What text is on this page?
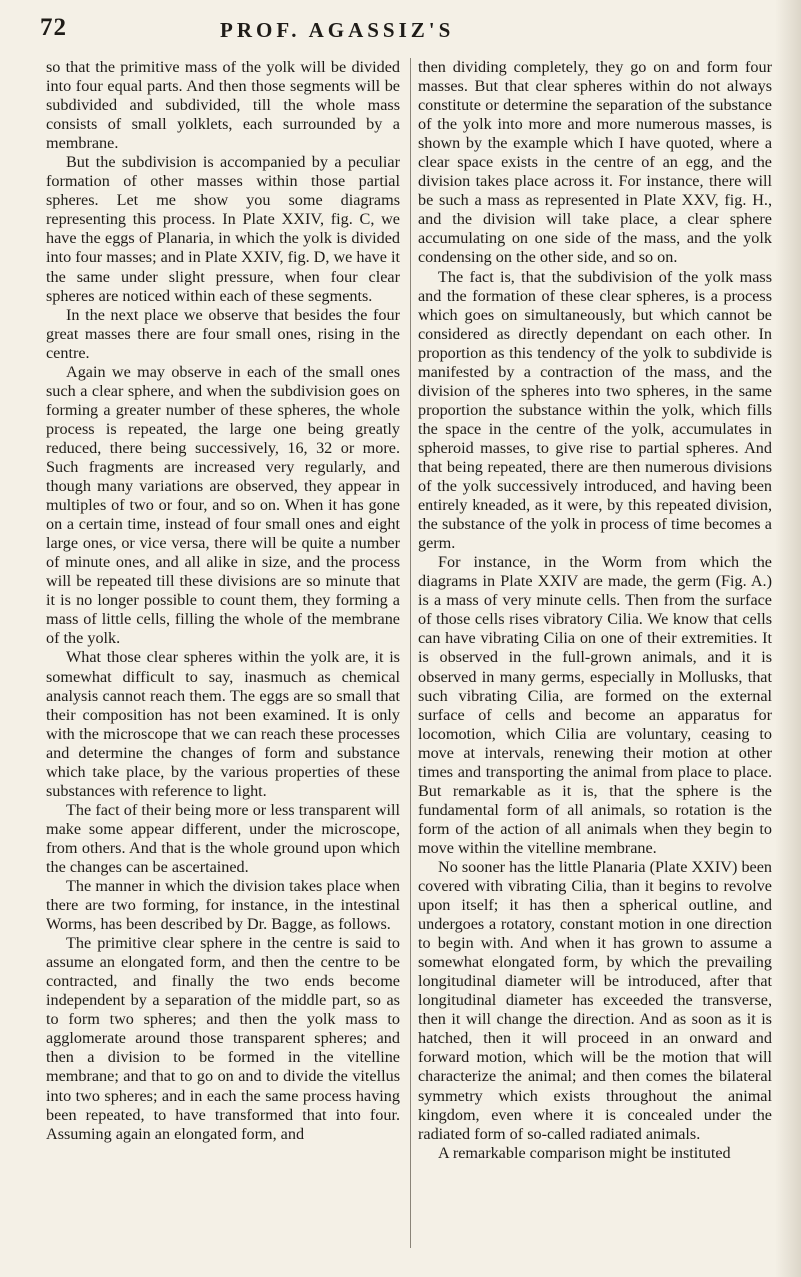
72	PROF. AGASSIZ'S

so that the primitive mass of the yolk will be divided into four equal parts. And then those segments will be subdivided and subdivided, till the whole mass consists of small yolklets, each surrounded by a membrane.

But the subdivision is accompanied by a peculiar formation of other masses within those partial spheres. Let me show you some diagrams representing this process. In Plate XXIV, fig. C, we have the eggs of Planaria, in which the yolk is divided into four masses; and in Plate XXIV, fig. D, we have it the same under slight pressure, when four clear spheres are noticed within each of these segments.

In the next place we observe that besides the four great masses there are four small ones, rising in the centre.

Again we may observe in each of the small ones such a clear sphere, and when the subdivision goes on forming a greater number of these spheres, the whole process is repeated, the large one being greatly reduced, there being successively, 16, 32 or more. Such fragments are increased very regularly, and though many variations are observed, they appear in multiples of two or four, and so on. When it has gone on a certain time, instead of four small ones and eight large ones, or vice versa, there will be quite a number of minute ones, and all alike in size, and the process will be repeated till these divisions are so minute that it is no longer possible to count them, they forming a mass of little cells, filling the whole of the membrane of the yolk.

What those clear spheres within the yolk are, it is somewhat difficult to say, inasmuch as chemical analysis cannot reach them. The eggs are so small that their composition has not been examined. It is only with the microscope that we can reach these processes and determine the changes of form and substance which take place, by the various properties of these substances with reference to light.

The fact of their being more or less transparent will make some appear different, under the microscope, from others. And that is the whole ground upon which the changes can be ascertained.

The manner in which the division takes place when there are two forming, for instance, in the intestinal Worms, has been described by Dr. Bagge, as follows.

The primitive clear sphere in the centre is said to assume an elongated form, and then the centre to be contracted, and finally the two ends become independent by a separation of the middle part, so as to form two spheres; and then the yolk mass to agglomerate around those transparent spheres; and then a division to be formed in the vitelline membrane; and that to go on and to divide the vitellus into two spheres; and in each the same process having been repeated, to have transformed that into four. Assuming again an elongated form, and

then dividing completely, they go on and form four masses. But that clear spheres within do not always constitute or determine the separation of the substance of the yolk into more and more numerous masses, is shown by the example which I have quoted, where a clear space exists in the centre of an egg, and the division takes place across it. For instance, there will be such a mass as represented in Plate XXV, fig. H., and the division will take place, a clear sphere accumulating on one side of the mass, and the yolk condensing on the other side, and so on.

The fact is, that the subdivision of the yolk mass and the formation of these clear spheres, is a process which goes on simultaneously, but which cannot be considered as directly dependant on each other. In proportion as this tendency of the yolk to subdivide is manifested by a contraction of the mass, and the division of the spheres into two spheres, in the same proportion the substance within the yolk, which fills the space in the centre of the yolk, accumulates in spheroid masses, to give rise to partial spheres. And that being repeated, there are then numerous divisions of the yolk successively introduced, and having been entirely kneaded, as it were, by this repeated division, the substance of the yolk in process of time becomes a germ.

For instance, in the Worm from which the diagrams in Plate XXIV are made, the germ (Fig. A.) is a mass of very minute cells. Then from the surface of those cells rises vibratory Cilia. We know that cells can have vibrating Cilia on one of their extremities. It is observed in the full-grown animals, and it is observed in many germs, especially in Mollusks, that such vibrating Cilia, are formed on the external surface of cells and become an apparatus for locomotion, which Cilia are voluntary, ceasing to move at intervals, renewing their motion at other times and transporting the animal from place to place. But remarkable as it is, that the sphere is the fundamental form of all animals, so rotation is the form of the action of all animals when they begin to move within the vitelline membrane.

No sooner has the little Planaria (Plate XXIV) been covered with vibrating Cilia, than it begins to revolve upon itself; it has then a spherical outline, and undergoes a rotatory, constant motion in one direction to begin with. And when it has grown to assume a somewhat elongated form, by which the prevailing longitudinal diameter will be introduced, after that longitudinal diameter has exceeded the transverse, then it will change the direction. And as soon as it is hatched, then it will proceed in an onward and forward motion, which will be the motion that will characterize the animal; and then comes the bilateral symmetry which exists throughout the animal kingdom, even where it is concealed under the radiated form of so-called radiated animals.

A remarkable comparison might be instituted
